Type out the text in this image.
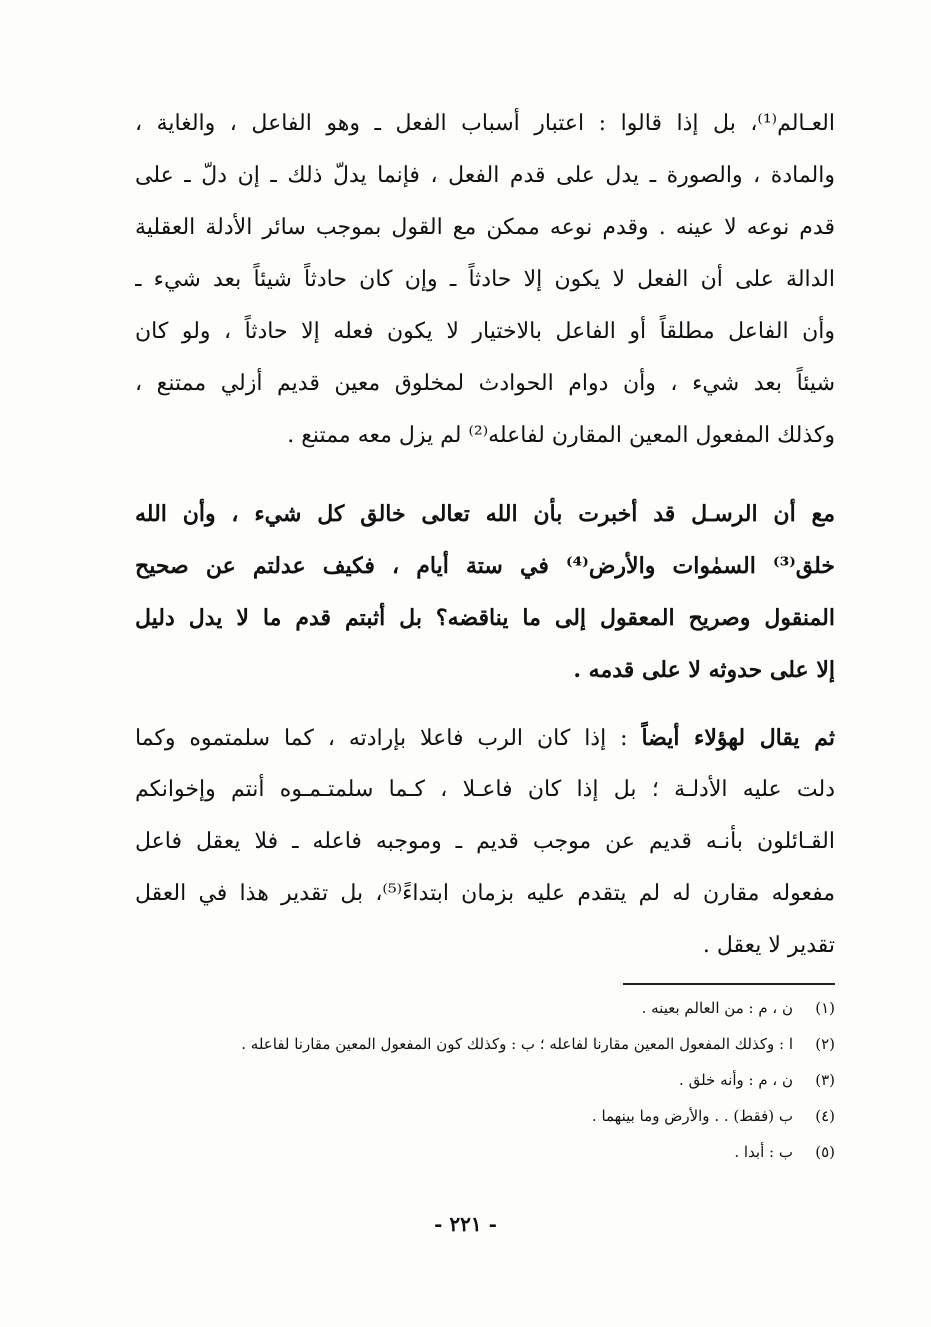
العـالم⁽¹⁾، بل إذا قالوا : اعتبار أسباب الفعل ـ وهو الفاعل ، والغاية ،
والمادة ، والصورة ـ يدل على قدم الفعل ، فإنما يدلّ ذلك ـ إن دلّ ـ على
قدم نوعه لا عينه . وقدم نوعه ممكن مع القول بموجب سائر الأدلة العقلية
الدالة على أن الفعل لا يكون إلا حادثاً ـ وإن كان حادثاً شيئاً بعد شيء ـ
وأن الفاعل مطلقاً أو الفاعل بالاختيار لا يكون فعله إلا حادثاً ، ولو كان
شيئاً بعد شيء ، وأن دوام الحوادث لمخلوق معين قديم أزلي ممتنع ،
وكذلك المفعول المعين المقارن لفاعله⁽²⁾ لم يزل معه ممتنع .
مع أن الرسـل قد أخبرت بأن الله تعالى خالق كل شيء ، وأن الله
خلق⁽³⁾ السمٰوات والأرض⁽⁴⁾ في ستة أيام ، فكيف عدلتم عن صحيح
المنقول وصريح المعقول إلى ما يناقضه؟ بل أثبتم قدم ما لا يدل دليل
إلا على حدوثه لا على قدمه .
ثم يقال لهؤلاء أيضاً : إذا كان الرب فاعلا بإرادته ، كما سلمتموه وكما
دلت عليه الأدلـة ؛ بل إذا كان فاعـلا ، كـما سلمتـمـوه أنتم وإخوانكم
القـائلون بأنـه قديم عن موجب قديم ـ وموجبه فاعله ـ فلا يعقل فاعل
مفعوله مقارن له لم يتقدم عليه بزمان ابتداءً⁽⁵⁾، بل تقدير هذا في العقل
تقدير لا يعقل .
(١)ن ، م : من العالم بعينه .
(٢)ا : وكذلك المفعول المعين مقارنا لفاعله ؛ ب : وكذلك كون المفعول المعين مقارنا لفاعله .
(٣)ن ، م : وأنه خلق .
(٤)ب (فقط) . . والأرض وما بينهما .
(٥)ب : أبدا .
- ٢٢١ -
